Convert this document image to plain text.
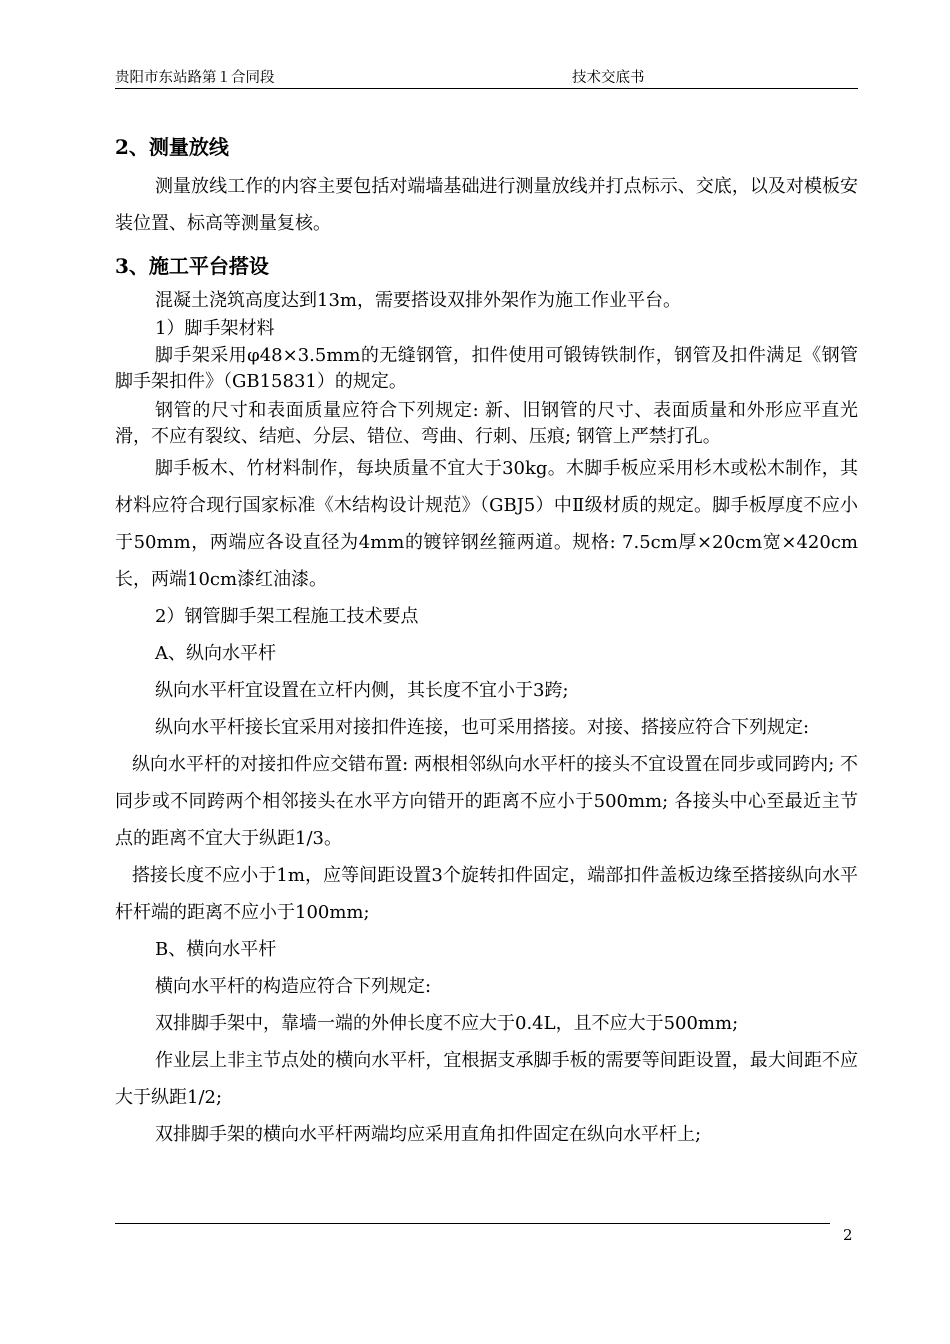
贵阳市东站路第１合同段	技术交底书
2、测量放线

测量放线工作的内容主要包括对端墙基础进行测量放线并打点标示、交底，以及对模板安装位置、标高等测量复核。

3、施工平台搭设

混凝土浇筑高度达到13m，需要搭设双排外架作为施工作业平台。

1）脚手架材料

脚手架采用φ48×3.5mm的无缝钢管，扣件使用可锻铸铁制作，钢管及扣件满足《钢管脚手架扣件》（GB15831）的规定。

钢管的尺寸和表面质量应符合下列规定: 新、旧钢管的尺寸、表面质量和外形应平直光滑，不应有裂纹、结疤、分层、错位、弯曲、行刺、压痕; 钢管上严禁打孔。

脚手板木、竹材料制作，每块质量不宜大于30kg。木脚手板应采用杉木或松木制作，其材料应符合现行国家标准《木结构设计规范》（GBJ5）中Ⅱ级材质的规定。脚手板厚度不应小于50mm，两端应各设直径为4mm的镀锌钢丝箍两道。规格: 7.5cm厚×20cm宽×420cm长，两端10cm漆红油漆。

2）钢管脚手架工程施工技术要点

A、纵向水平杆

纵向水平杆宜设置在立杆内侧，其长度不宜小于3跨;

纵向水平杆接长宜采用对接扣件连接，也可采用搭接。对接、搭接应符合下列规定:

纵向水平杆的对接扣件应交错布置: 两根相邻纵向水平杆的接头不宜设置在同步或同跨内; 不同步或不同跨两个相邻接头在水平方向错开的距离不应小于500mm; 各接头中心至最近主节点的距离不宜大于纵距1/3。

搭接长度不应小于1m，应等间距设置3个旋转扣件固定，端部扣件盖板边缘至搭接纵向水平杆杆端的距离不应小于100mm;

B、横向水平杆

横向水平杆的构造应符合下列规定:

双排脚手架中，靠墙一端的外伸长度不应大于0.4L，且不应大于500mm;

作业层上非主节点处的横向水平杆，宜根据支承脚手板的需要等间距设置，最大间距不应大于纵距1/2;

双排脚手架的横向水平杆两端均应采用直角扣件固定在纵向水平杆上;

2
